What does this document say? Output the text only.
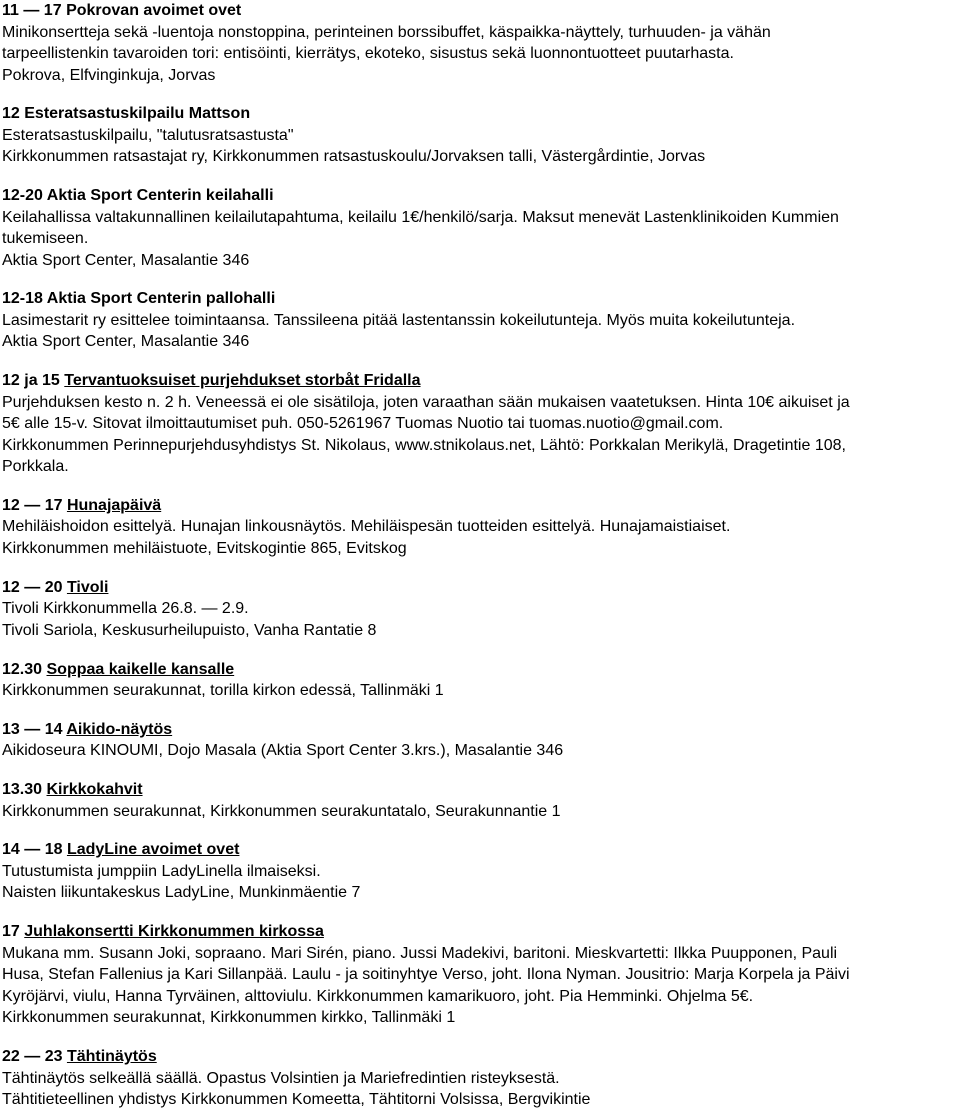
11 — 17 Pokrovan avoimet ovet
Minikonsertteja sekä -luentoja nonstoppina, perinteinen borssibuffet, käspaikka-näyttely, turhuuden- ja vähän
tarpeellistenkin tavaroiden tori: entisöinti, kierrätys, ekoteko, sisustus sekä luonnontuotteet puutarhasta.
Pokrova, Elfvinginkuja, Jorvas
12 Esteratsastuskilpailu Mattson
Esteratsastuskilpailu, "talutusratsastusta"
Kirkkonummen ratsastajat ry, Kirkkonummen ratsastuskoulu/Jorvaksen talli, Västergårdintie, Jorvas
12-20 Aktia Sport Centerin keilahalli
Keilahallissa valtakunnallinen keilailutapahtuma, keilailu 1€/henkilö/sarja. Maksut menevät Lastenklinikoiden Kummien
tukemiseen.
Aktia Sport Center, Masalantie 346
12-18 Aktia Sport Centerin pallohalli
Lasimestarit ry esittelee toimintaansa. Tanssileena pitää lastentanssin kokeilutunteja. Myös muita kokeilutunteja.
Aktia Sport Center, Masalantie 346
12 ja 15 Tervantuoksuiset purjehdukset storbåt Fridalla
Purjehduksen kesto n. 2 h. Veneessä ei ole sisätiloja, joten varaathan sään mukaisen vaatetuksen. Hinta 10€ aikuiset ja
5€ alle 15-v. Sitovat ilmoittautumiset puh. 050-5261967 Tuomas Nuotio tai tuomas.nuotio@gmail.com.
Kirkkonummen Perinnepurjehdusyhdistys St. Nikolaus, www.stnikolaus.net, Lähtö: Porkkalan Merikylä, Dragetintie 108,
Porkkala.
12 — 17 Hunajapäivä
Mehiläishoidon esittelyä. Hunajan linkousnäytös. Mehiläispesän tuotteiden esittelyä. Hunajamaistiaiset.
Kirkkonummen mehiläistuote, Evitskogintie 865, Evitskog
12 — 20 Tivoli
Tivoli Kirkkonummella 26.8. — 2.9.
Tivoli Sariola, Keskusurheilupuisto, Vanha Rantatie 8
12.30 Soppaa kaikelle kansalle
Kirkkonummen seurakunnat, torilla kirkon edessä, Tallinmäki 1
13 — 14 Aikido-näytös
Aikidoseura KINOUMI, Dojo Masala (Aktia Sport Center 3.krs.), Masalantie 346
13.30 Kirkkokahvit
Kirkkonummen seurakunnat, Kirkkonummen seurakuntatalo, Seurakunnantie 1
14 — 18 LadyLine avoimet ovet
Tutustumista jumppiin LadyLinella ilmaiseksi.
Naisten liikuntakeskus LadyLine, Munkinmäentie 7
17 Juhlakonsertti Kirkkonummen kirkossa
Mukana mm. Susann Joki, sopraano. Mari Sirén, piano. Jussi Madekivi, baritoni. Mieskvartetti: Ilkka Puupponen, Pauli
Husa, Stefan Fallenius ja Kari Sillanpää. Laulu - ja soitinyhtye Verso, joht. Ilona Nyman. Jousitrio: Marja Korpela ja Päivi
Kyröjärvi, viulu, Hanna Tyrväinen, alttoviulu. Kirkkonummen kamarikuoro, joht. Pia Hemminki. Ohjelma 5€.
Kirkkonummen seurakunnat, Kirkkonummen kirkko, Tallinmäki 1
22 — 23 Tähtinäytös
Tähtinäytös selkeällä säällä. Opastus Volsintien ja Mariefredintien risteyksestä.
Tähtitieteellinen yhdistys Kirkkonummen Komeetta, Tähtitorni Volsissa, Bergvikintie
